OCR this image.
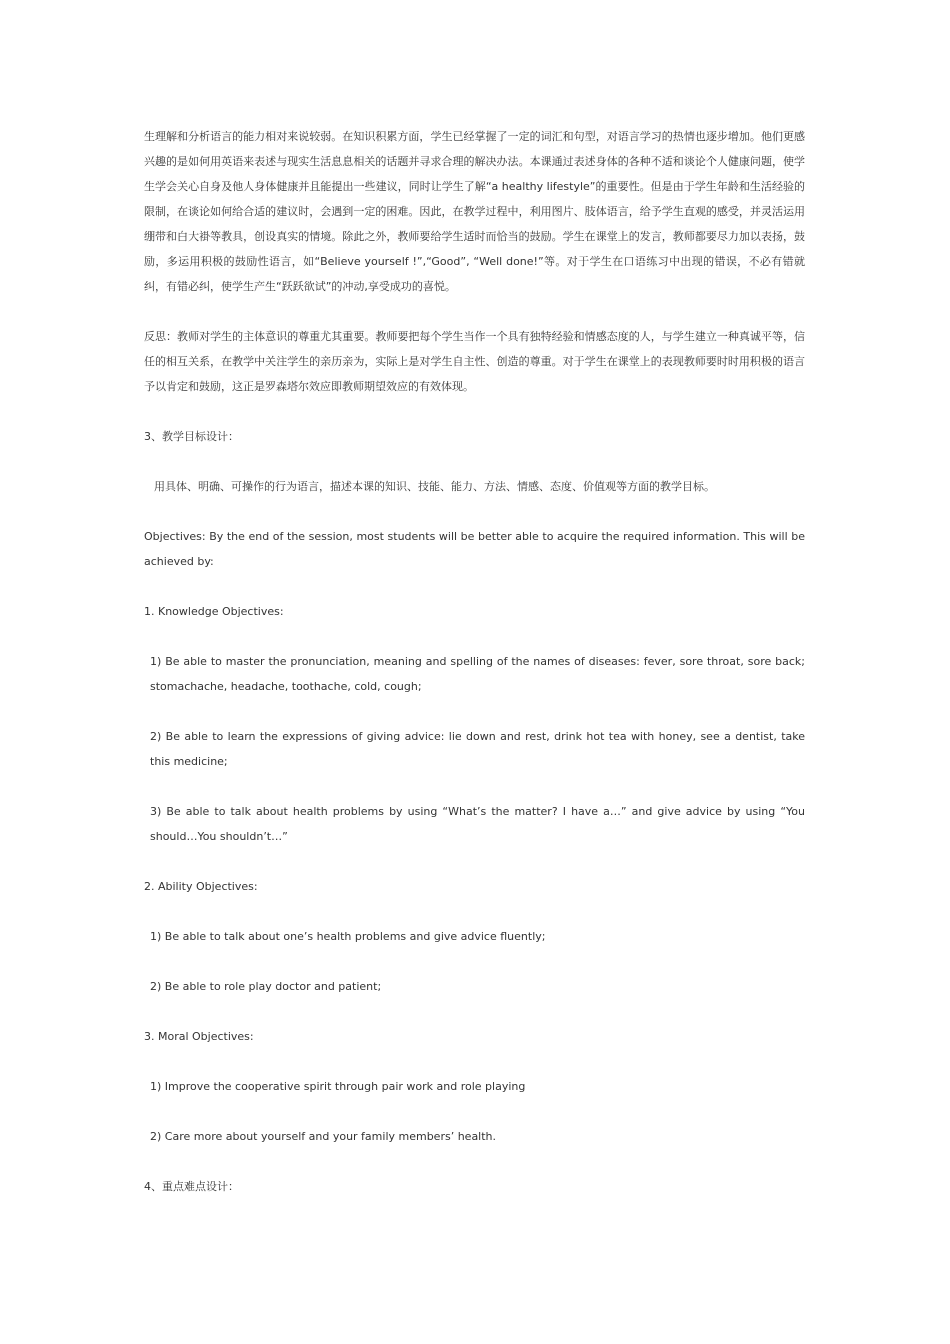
生理解和分析语言的能力相对来说较弱。在知识积累方面，学生已经掌握了一定的词汇和句型，对语言学习的热情也逐步增加。他们更感兴趣的是如何用英语来表述与现实生活息息相关的话题并寻求合理的解决办法。本课通过表述身体的各种不适和谈论个人健康问题，使学生学会关心自身及他人身体健康并且能提出一些建议，同时让学生了解“a healthy lifestyle”的重要性。但是由于学生年龄和生活经验的限制，在谈论如何给合适的建议时，会遇到一定的困难。因此，在教学过程中，利用图片、肢体语言，给予学生直观的感受，并灵活运用绷带和白大褂等教具，创设真实的情境。除此之外，教师要给学生适时而恰当的鼓励。学生在课堂上的发言，教师都要尽力加以表扬，鼓励，多运用积极的鼓励性语言，如“Believe yourself !”,“Good”, “Well done!”等。对于学生在口语练习中出现的错误，不必有错就纠，有错必纠，使学生产生“跃跃欲试”的冲动,享受成功的喜悦。

反思：教师对学生的主体意识的尊重尤其重要。教师要把每个学生当作一个具有独特经验和情感态度的人，与学生建立一种真诚平等，信任的相互关系，在教学中关注学生的亲历亲为，实际上是对学生自主性、创造的尊重。对于学生在课堂上的表现教师要时时用积极的语言予以肯定和鼓励，这正是罗森塔尔效应即教师期望效应的有效体现。

3、教学目标设计：

用具体、明确、可操作的行为语言，描述本课的知识、技能、能力、方法、情感、态度、价值观等方面的教学目标。

Objectives: By the end of the session, most students will be better able to acquire the required information. This will be achieved by:

1. Knowledge Objectives:

1) Be able to master the pronunciation, meaning and spelling of the names of diseases: fever, sore throat, sore back; stomachache, headache, toothache, cold, cough;

2) Be able to learn the expressions of giving advice: lie down and rest, drink hot tea with honey, see a dentist, take this medicine;

3) Be able to talk about health problems by using “What’s the matter? I have a…” and give advice by using “You should…You shouldn’t…”

2. Ability Objectives:

1) Be able to talk about one’s health problems and give advice fluently;

2) Be able to role play doctor and patient;

3. Moral Objectives:

1) Improve the cooperative spirit through pair work and role playing

2) Care more about yourself and your family members’ health.

4、重点难点设计：
